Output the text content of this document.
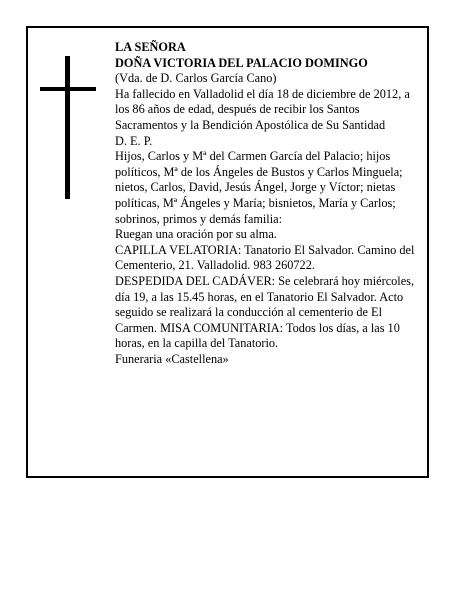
LA SEÑORA

DOÑA VICTORIA DEL PALACIO DOMINGO

(Vda. de D. Carlos García Cano)

Ha fallecido en Valladolid el día 18 de diciembre de 2012, a los 86 años de edad, después de recibir los Santos Sacramentos y la Bendición Apostólica de Su Santidad

D. E. P.

Hijos, Carlos y Mª del Carmen García del Palacio; hijos políticos, Mª de los Ángeles de Bustos y Carlos Minguela; nietos, Carlos, David, Jesús Ángel, Jorge y Víctor; nietas políticas, Mª Ángeles y María; bisnietos, María y Carlos; sobrinos, primos y demás familia:

Ruegan una oración por su alma.

CAPILLA VELATORIA: Tanatorio El Salvador. Camino del Cementerio, 21. Valladolid. 983 260722.

DESPEDIDA DEL CADÁVER: Se celebrará hoy miércoles, día 19, a las 15.45 horas, en el Tanatorio El Salvador. Acto seguido se realizará la conducción al cementerio de El Carmen. MISA COMUNITARIA: Todos los días, a las 10 horas, en la capilla del Tanatorio.

Funeraria «Castellena»
